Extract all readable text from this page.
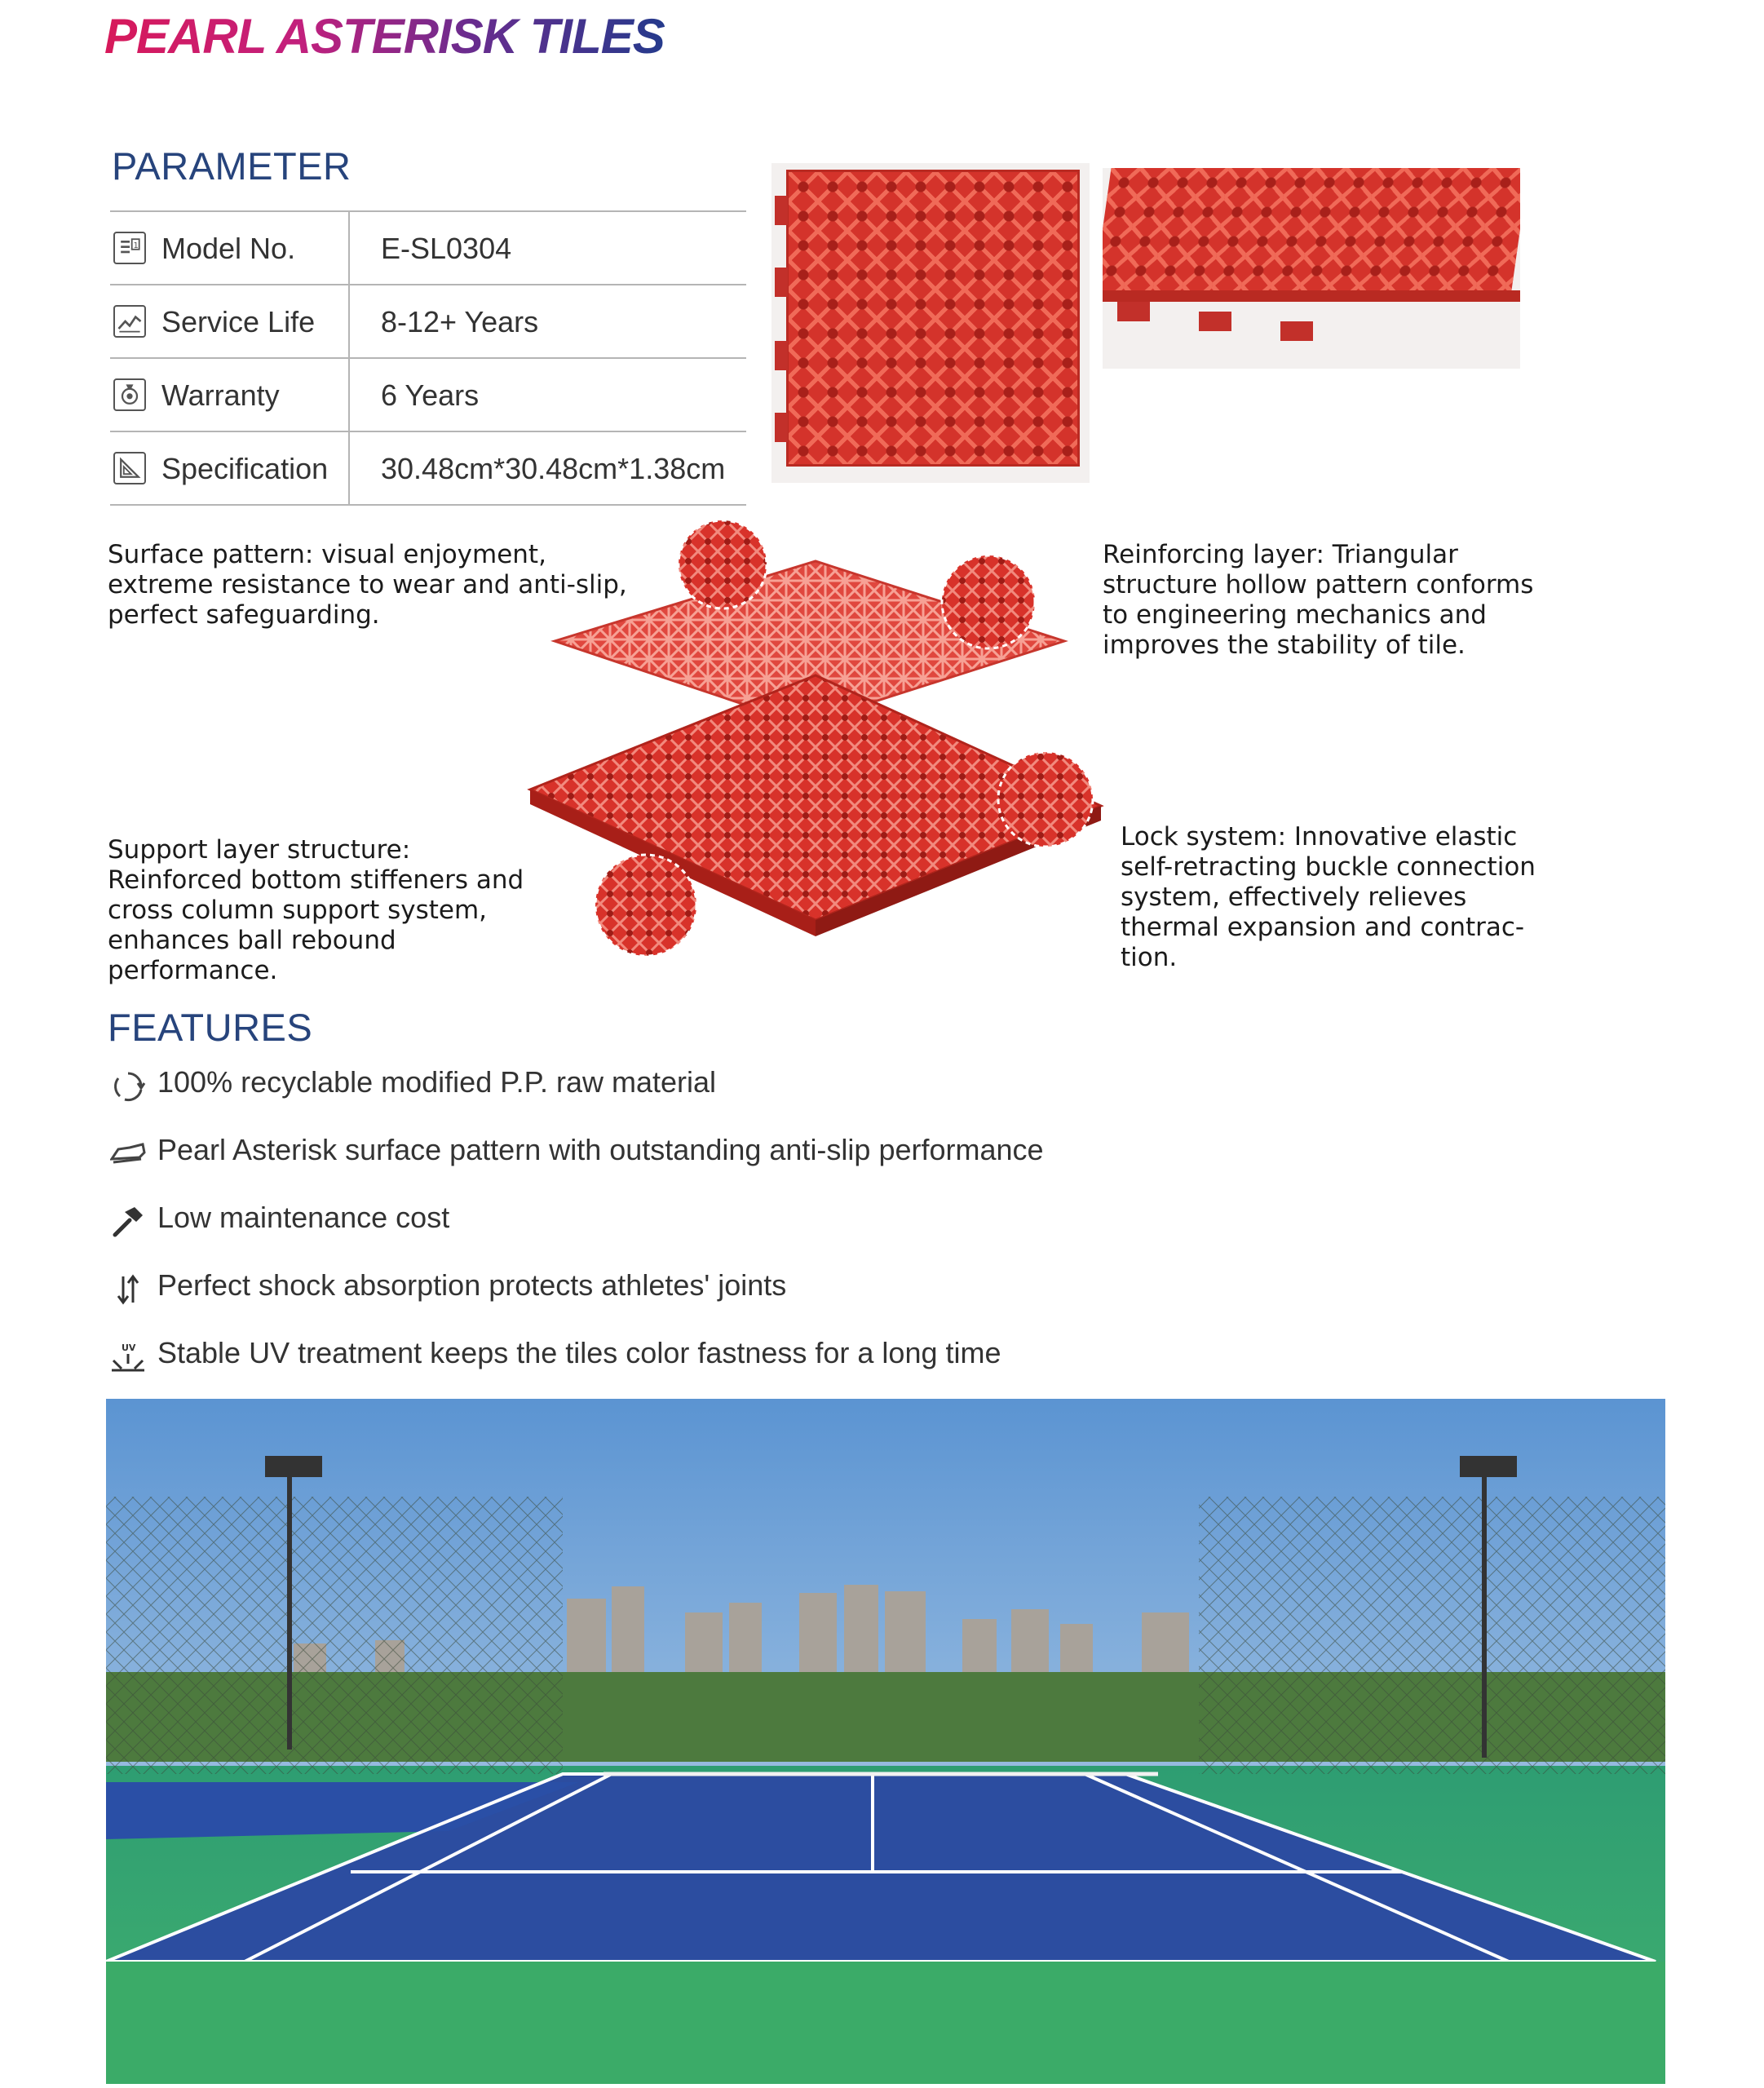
PEARL ASTERISK TILES
PARAMETER
1 Model No.	E-SL0304
Service Life 8-12+ Years
Warranty	6 Years
Specification 30.48cm*30.48cm*1.38cm
Surface pattern: visual enjoyment, extreme resistance to wear and anti-slip, perfect safeguarding.
Reinforcing layer: Triangular structure hollow pattern conforms to engineering mechanics and improves the stability of tile.
Support layer structure: Reinforced bottom stiffeners and cross column support system, enhances ball rebound performance.
Lock system: Innovative elastic self-retracting buckle connection system, effectively relieves thermal expansion and contrac- tion.
FEATURES
100% recyclable modified P.P. raw material
Pearl Asterisk surface pattern with outstanding anti-slip performance
Low maintenance cost
Perfect shock absorption protects athletes' joints
UV Stable UV treatment keeps the tiles color fastness for a long time
